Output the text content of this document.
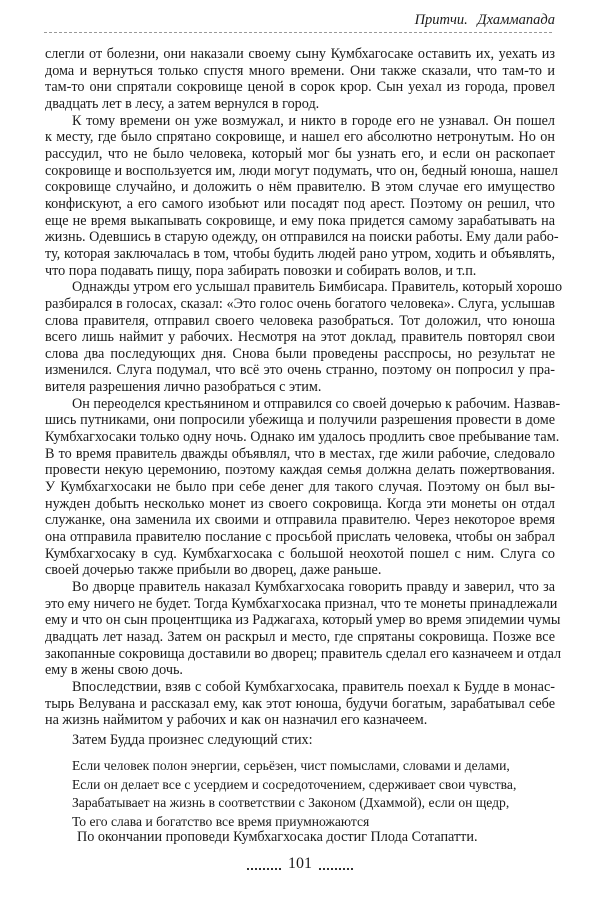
Притчи. Дхаммапада
слегли от болезни, они наказали своему сыну Кумбхагосаке оставить их, уехать из
дома и вернуться только спустя много времени. Они также сказали, что там-то и
там-то они спрятали сокровище ценой в сорок крор. Сын уехал из города, провел
двадцать лет в лесу, а затем вернулся в город.
К тому времени он уже возмужал, и никто в городе его не узнавал. Он пошел
к месту, где было спрятано сокровище, и нашел его абсолютно нетронутым. Но он
рассудил, что не было человека, который мог бы узнать его, и если он раскопает
сокровище и воспользуется им, люди могут подумать, что он, бедный юноша, нашел
сокровище случайно, и доложить о нём правителю. В этом случае его имущество
конфискуют, а его самого изобьют или посадят под арест. Поэтому он решил, что
еще не время выкапывать сокровище, и ему пока придется самому зарабатывать на
жизнь. Одевшись в старую одежду, он отправился на поиски работы. Ему дали рабо-
ту, которая заключалась в том, чтобы будить людей рано утром, ходить и объявлять,
что пора подавать пищу, пора забирать повозки и собирать волов, и т.п.
Однажды утром его услышал правитель Бимбисара. Правитель, который хорошо
разбирался в голосах, сказал: «Это голос очень богатого человека». Слуга, услышав
слова правителя, отправил своего человека разобраться. Тот доложил, что юноша
всего лишь наймит у рабочих. Несмотря на этот доклад, правитель повторял свои
слова два последующих дня. Снова были проведены расспросы, но результат не
изменился. Слуга подумал, что всё это очень странно, поэтому он попросил у пра-
вителя разрешения лично разобраться с этим.
Он переоделся крестьянином и отправился со своей дочерью к рабочим. Назвав-
шись путниками, они попросили убежища и получили разрешения провести в доме
Кумбхагхосаки только одну ночь. Однако им удалось продлить свое пребывание там.
В то время правитель дважды объявлял, что в местах, где жили рабочие, следовало
провести некую церемонию, поэтому каждая семья должна делать пожертвования.
У Кумбхагхосаки не было при себе денег для такого случая. Поэтому он был вы-
нужден добыть несколько монет из своего сокровища. Когда эти монеты он отдал
служанке, она заменила их своими и отправила правителю. Через некоторое время
она отправила правителю послание с просьбой прислать человека, чтобы он забрал
Кумбхагхосаку в суд. Кумбхагхосака с большой неохотой пошел с ним. Слуга со
своей дочерью также прибыли во дворец, даже раньше.
Во дворце правитель наказал Кумбхагхосака говорить правду и заверил, что за
это ему ничего не будет. Тогда Кумбхагхосака признал, что те монеты принадлежали
ему и что он сын процентщика из Раджагаха, который умер во время эпидемии чумы
двадцать лет назад. Затем он раскрыл и место, где спрятаны сокровища. Позже все
закопанные сокровища доставили во дворец; правитель сделал его казначеем и отдал
ему в жены свою дочь.
Впоследствии, взяв с собой Кумбхагхосака, правитель поехал к Будде в монас-
тырь Велувана и рассказал ему, как этот юноша, будучи богатым, зарабатывал себе
на жизнь наймитом у рабочих и как он назначил его казначеем.
Затем Будда произнес следующий стих:
Если человек полон энергии, серьёзен, чист помыслами, словами и делами,
Если он делает все с усердием и сосредоточением, сдерживает свои чувства,
Зарабатывает на жизнь в соответствии с Законом (Дхаммой), если он щедр,
То его слава и богатство все время приумножаются
По окончании проповеди Кумбхагхосака достиг Плода Сотапатти.
101
